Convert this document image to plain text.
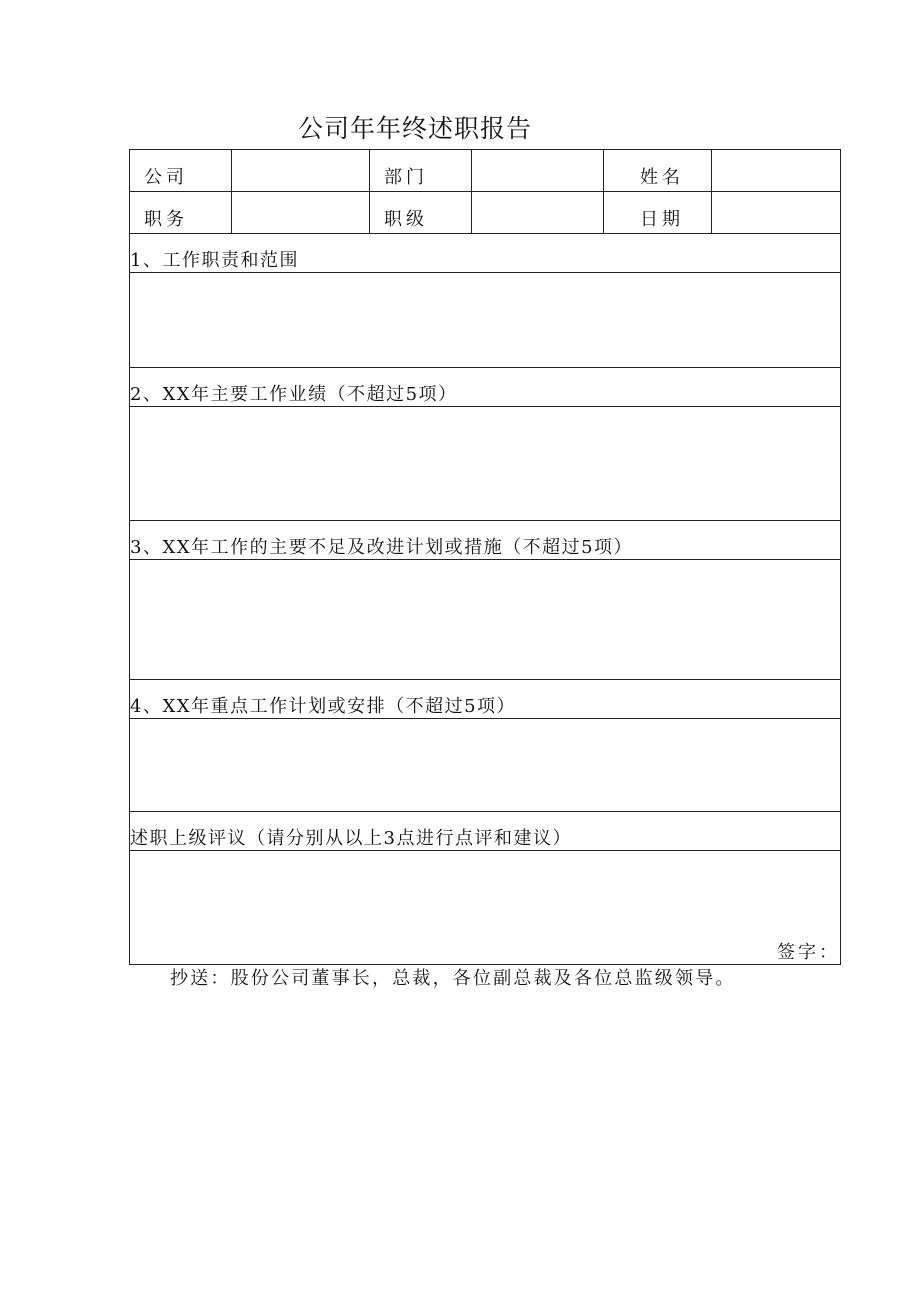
公司年年终述职报告
公司		部门		姓名	
职务		职级		日期	
1、工作职责和范围					

2、XX年主要工作业绩（不超过5项）					

3、XX年工作的主要不足及改进计划或措施（不超过5项）					

4、XX年重点工作计划或安排（不超过5项）					

述职上级评议（请分别从以上3点进行点评和建议）					
签字：					
抄送：股份公司董事长，总裁，各位副总裁及各位总监级领导。
